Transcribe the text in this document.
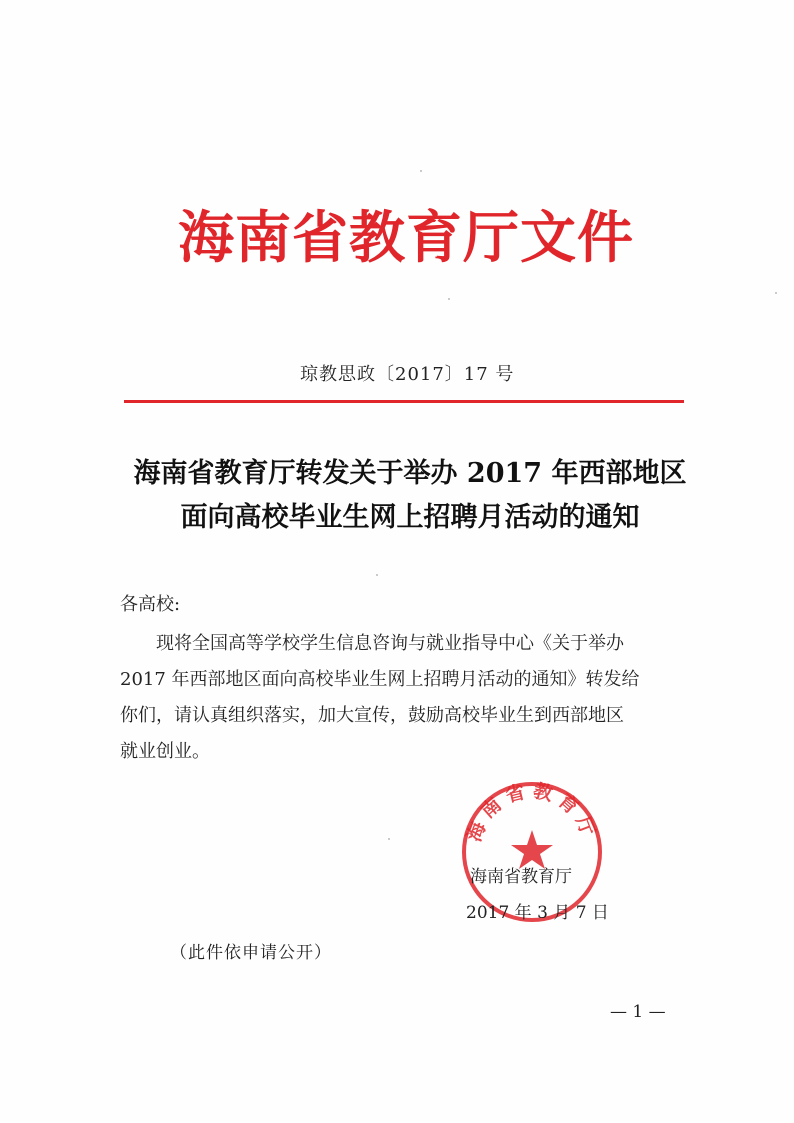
海南省教育厅文件
琼教思政〔2017〕17 号
海南省教育厅转发关于举办 2017 年西部地区
面向高校毕业生网上招聘月活动的通知
各高校:
现将全国高等学校学生信息咨询与就业指导中心《关于举办
2017 年西部地区面向高校毕业生网上招聘月活动的通知》转发给
你们，请认真组织落实，加大宣传，鼓励高校毕业生到西部地区
就业创业。
海南省教育厅
海南省教育厅
2017 年 3 月 7 日
（此件依申请公开）
— 1 —
